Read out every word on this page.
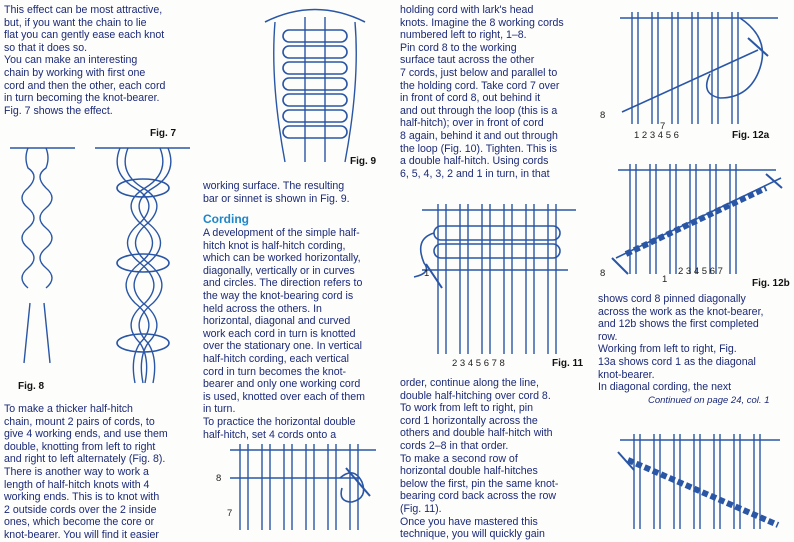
This effect can be most attractive,
but, if you want the chain to lie
flat you can gently ease each knot
so that it does so.
You can make an interesting
chain by working with first one
cord and then the other, each cord
in turn becoming the knot-bearer.
Fig. 7 shows the effect.
Fig. 7
Fig. 8
To make a thicker half-hitch
chain, mount 2 pairs of cords, to
give 4 working ends, and use them
double, knotting from left to right
and right to left alternately (Fig. 8).
There is another way to work a
length of half-hitch knots with 4
working ends. This is to knot with
2 outside cords over the 2 inside
ones, which become the core or
knot-bearer. You will find it easier
Fig. 9
working surface. The resulting
bar or sinnet is shown in Fig. 9.
Cording
A development of the simple half-
hitch knot is half-hitch cording,
which can be worked horizontally,
diagonally, vertically or in curves
and circles. The direction refers to
the way the knot-bearing cord is
held across the others. In
horizontal, diagonal and curved
work each cord in turn is knotted
over the stationary one. In vertical
half-hitch cording, each vertical
cord in turn becomes the knot-
bearer and only one working cord
is used, knotted over each of them
in turn.
To practice the horizontal double
half-hitch, set 4 cords onto a
8
7
holding cord with lark's head
knots. Imagine the 8 working cords
numbered left to right, 1–8.
Pin cord 8 to the working
surface taut across the other
7 cords, just below and parallel to
the holding cord. Take cord 7 over
in front of cord 8, out behind it
and out through the loop (this is a
half-hitch); over in front of cord
8 again, behind it and out through
the loop (Fig. 10). Tighten. This is
a double half-hitch. Using cords
6, 5, 4, 3, 2 and 1 in turn, in that
1
2 3 4 5 6 7 8	Fig. 11
order, continue along the line,
double half-hitching over cord 8.
To work from left to right, pin
cord 1 horizontally across the
others and double half-hitch with
cords 2–8 in that order.
To make a second row of
horizontal double half-hitches
below the first, pin the same knot-
bearing cord back across the row
(Fig. 11).
Once you have mastered this
technique, you will quickly gain
8
7
1 2 3 4 5 6	Fig. 12a
8
1
2 3 4 5 6 7
Fig. 12b
shows cord 8 pinned diagonally
across the work as the knot-bearer,
and 12b shows the first completed
row.
Working from left to right, Fig.
13a shows cord 1 as the diagonal
knot-bearer.
In diagonal cording, the next
Continued on page 24, col. 1
